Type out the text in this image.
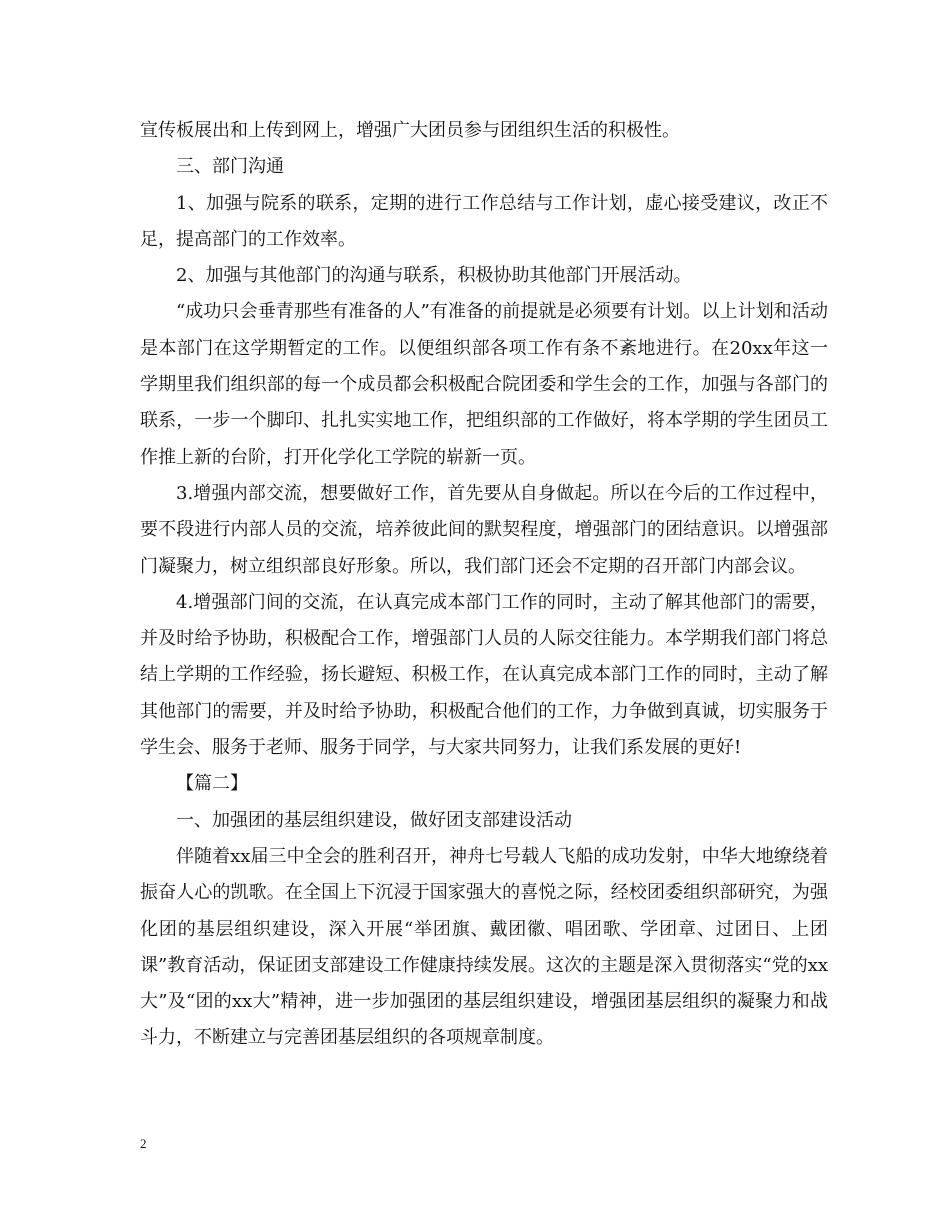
宣传板展出和上传到网上，增强广大团员参与团组织生活的积极性。

三、部门沟通

1、加强与院系的联系，定期的进行工作总结与工作计划，虚心接受建议，改正不足，提高部门的工作效率。

2、加强与其他部门的沟通与联系，积极协助其他部门开展活动。

“成功只会垂青那些有准备的人”有准备的前提就是必须要有计划。以上计划和活动是本部门在这学期暂定的工作。以便组织部各项工作有条不紊地进行。在20xx年这一学期里我们组织部的每一个成员都会积极配合院团委和学生会的工作，加强与各部门的联系，一步一个脚印、扎扎实实地工作，把组织部的工作做好，将本学期的学生团员工作推上新的台阶，打开化学化工学院的崭新一页。

3.增强内部交流，想要做好工作，首先要从自身做起。所以在今后的工作过程中，要不段进行内部人员的交流，培养彼此间的默契程度，增强部门的团结意识。以增强部门凝聚力，树立组织部良好形象。所以，我们部门还会不定期的召开部门内部会议。

4.增强部门间的交流，在认真完成本部门工作的同时，主动了解其他部门的需要，并及时给予协助，积极配合工作，增强部门人员的人际交往能力。本学期我们部门将总结上学期的工作经验，扬长避短、积极工作，在认真完成本部门工作的同时，主动了解其他部门的需要，并及时给予协助，积极配合他们的工作，力争做到真诚，切实服务于学生会、服务于老师、服务于同学，与大家共同努力，让我们系发展的更好!

【篇二】

一、加强团的基层组织建设，做好团支部建设活动

伴随着xx届三中全会的胜利召开，神舟七号载人飞船的成功发射，中华大地缭绕着振奋人心的凯歌。在全国上下沉浸于国家强大的喜悦之际，经校团委组织部研究，为强化团的基层组织建设，深入开展“举团旗、戴团徽、唱团歌、学团章、过团日、上团课”教育活动，保证团支部建设工作健康持续发展。这次的主题是深入贯彻落实“党的xx大”及“团的xx大”精神，进一步加强团的基层组织建设，增强团基层组织的凝聚力和战斗力，不断建立与完善团基层组织的各项规章制度。

2
